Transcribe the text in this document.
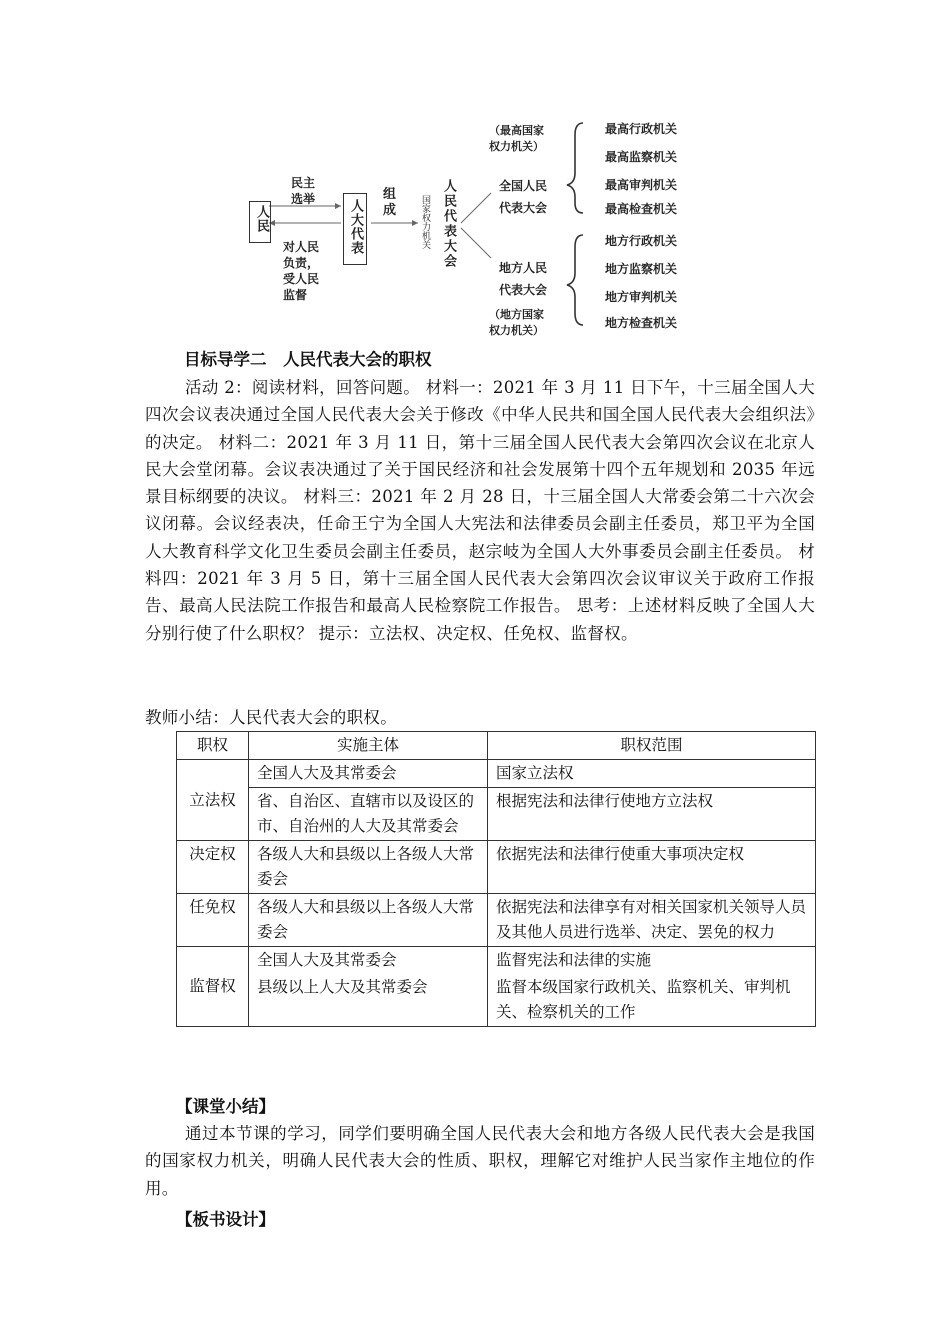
人民
民主
选举
对人民
负责，
受人民
监督
人大代表
组
成	国家权力机关 人民代表大会
（最高国家
权力机关）
全国人民
代表大会
地方人民
代表大会
（地方国家
权力机关）
最高行政机关
最高监察机关
最高审判机关
最高检查机关
地方行政机关
地方监察机关
地方审判机关
地方检查机关
目标导学二　人民代表大会的职权
活动 2：阅读材料，回答问题。 材料一：2021 年 3 月 11 日下午，十三届全国人大四次会议表决通过全国人民代表大会关于修改《中华人民共和国全国人民代表大会组织法》的决定。 材料二：2021 年 3 月 11 日，第十三届全国人民代表大会第四次会议在北京人民大会堂闭幕。会议表决通过了关于国民经济和社会发展第十四个五年规划和 2035 年远景目标纲要的决议。 材料三：2021 年 2 月 28 日，十三届全国人大常委会第二十六次会议闭幕。会议经表决，任命王宁为全国人大宪法和法律委员会副主任委员，郑卫平为全国人大教育科学文化卫生委员会副主任委员，赵宗岐为全国人大外事委员会副主任委员。 材料四：2021 年 3 月 5 日，第十三届全国人民代表大会第四次会议审议关于政府工作报告、最高人民法院工作报告和最高人民检察院工作报告。 思考：上述材料反映了全国人大分别行使了什么职权？ 提示：立法权、决定权、任免权、监督权。
教师小结：人民代表大会的职权。
职权	实施主体	职权范围
立法权	全国人大及其常委会	国家立法权
	省、自治区、直辖市以及设区的市、自治州的人大及其常委会	根据宪法和法律行使地方立法权
决定权	各级人大和县级以上各级人大常委会	依据宪法和法律行使重大事项决定权
任免权	各级人大和县级以上各级人大常委会	依据宪法和法律享有对相关国家机关领导人员及其他人员进行选举、决定、罢免的权力
监督权	全国人大及其常委会	监督宪法和法律的实施
	县级以上人大及其常委会	监督本级国家行政机关、监察机关、审判机关、检察机关的工作
【课堂小结】
通过本节课的学习，同学们要明确全国人民代表大会和地方各级人民代表大会是我国的国家权力机关，明确人民代表大会的性质、职权，理解它对维护人民当家作主地位的作用。
【板书设计】
